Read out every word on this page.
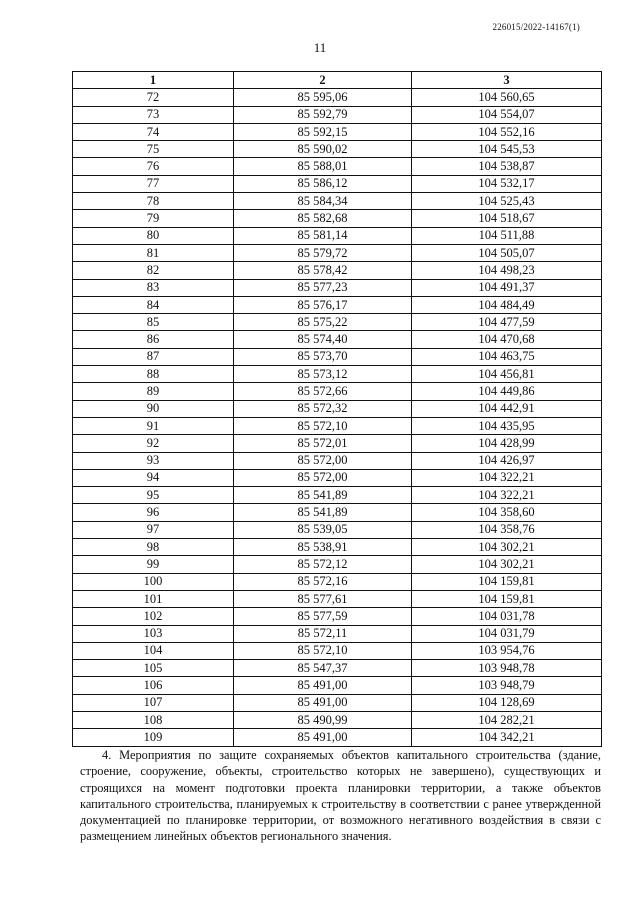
226015/2022-14167(1)
11
1	2	3
72	85 595,06	104 560,65
73	85 592,79	104 554,07
74	85 592,15	104 552,16
75	85 590,02	104 545,53
76	85 588,01	104 538,87
77	85 586,12	104 532,17
78	85 584,34	104 525,43
79	85 582,68	104 518,67
80	85 581,14	104 511,88
81	85 579,72	104 505,07
82	85 578,42	104 498,23
83	85 577,23	104 491,37
84	85 576,17	104 484,49
85	85 575,22	104 477,59
86	85 574,40	104 470,68
87	85 573,70	104 463,75
88	85 573,12	104 456,81
89	85 572,66	104 449,86
90	85 572,32	104 442,91
91	85 572,10	104 435,95
92	85 572,01	104 428,99
93	85 572,00	104 426,97
94	85 572,00	104 322,21
95	85 541,89	104 322,21
96	85 541,89	104 358,60
97	85 539,05	104 358,76
98	85 538,91	104 302,21
99	85 572,12	104 302,21
100	85 572,16	104 159,81
101	85 577,61	104 159,81
102	85 577,59	104 031,78
103	85 572,11	104 031,79
104	85 572,10	103 954,76
105	85 547,37	103 948,78
106	85 491,00	103 948,79
107	85 491,00	104 128,69
108	85 490,99	104 282,21
109	85 491,00	104 342,21

4. Мероприятия по защите сохраняемых объектов капитального строительства (здание, строение, сооружение, объекты, строительство которых не завершено), существующих и строящихся на момент подготовки проекта планировки территории, а также объектов капитального строительства, планируемых к строительству в соответствии с ранее утвержденной документацией по планировке территории, от возможного негативного воздействия в связи с размещением линейных объектов регионального значения.
